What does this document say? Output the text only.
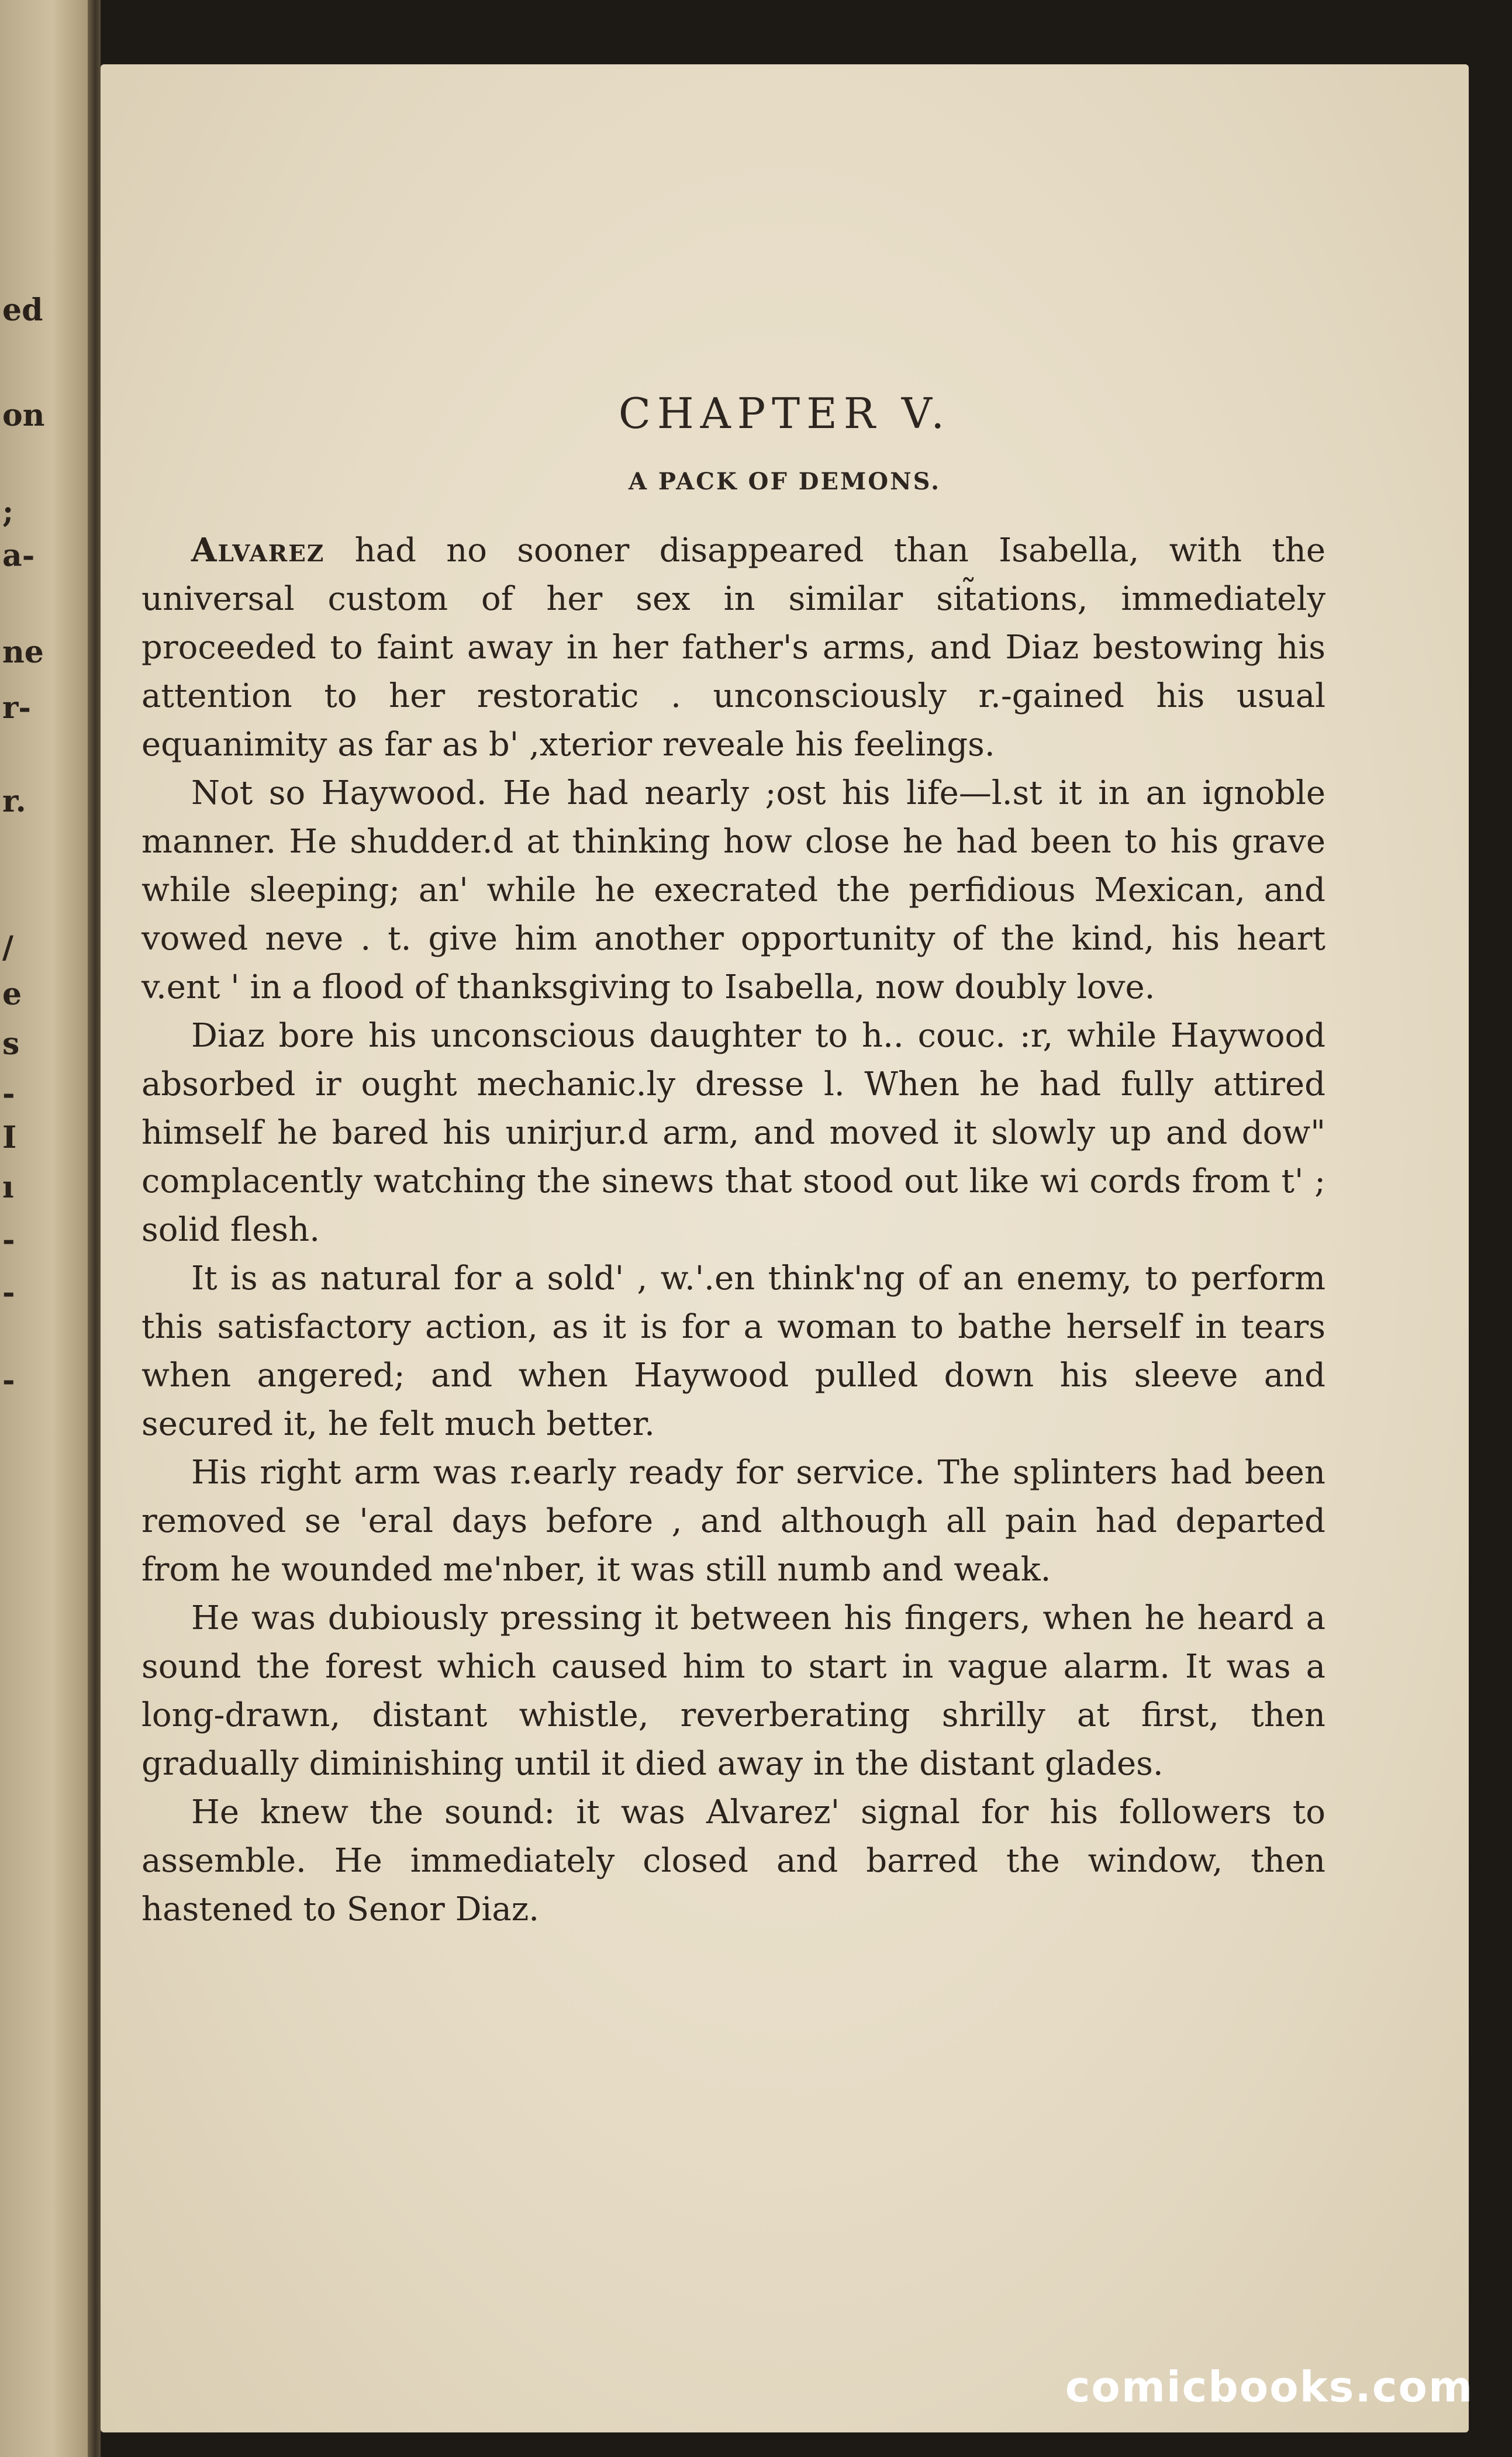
ed
on
;
a-
ne
r-
r.
/
e
s
-
I
ı
-
-
-
CHAPTER V.
A PACK OF DEMONS.

Alvarez had no sooner disappeared than Isabella, with the universal custom of her sex in similar sit̃ations, immediately proceeded to faint away in her father's arms, and Diaz bestowing his attention to her restoratic . unconsciously r.-gained his usual equanimity as far as b' ,xterior reveale his feelings.

Not so Haywood. He had nearly ;ost his life—l.st it in an ignoble manner. He shudder.d at thinking how close he had been to his grave while sleeping; an' while he execrated the perfidious Mexican, and vowed neve . t. give him another opportunity of the kind, his heart v.ent ' in a flood of thanksgiving to Isabella, now doubly love.

Diaz bore his unconscious daughter to h.. couc. :r, while Haywood absorbed ir ought mechanic.ly dresse l. When he had fully attired himself he bared his unirjur.d arm, and moved it slowly up and dow" complacently watching the sinews that stood out like wi cords from t' ; solid flesh.

It is as natural for a sold' , w.'.en think'ng of an enemy, to perform this satisfactory action, as it is for a woman to bathe herself in tears when angered; and when Haywood pulled down his sleeve and secured it, he felt much better.

His right arm was r.early ready for service. The splinters had been removed se 'eral days before , and although all pain had departed from he wounded me'nber, it was still numb and weak.

He was dubiously pressing it between his fingers, when he heard a sound the forest which caused him to start in vague alarm. It was a long-drawn, distant whistle, reverberating shrilly at first, then gradually diminishing until it died away in the distant glades.

He knew the sound: it was Alvarez' signal for his followers to assemble. He immediately closed and barred the window, then hastened to Senor Diaz.

comicbooks.com
